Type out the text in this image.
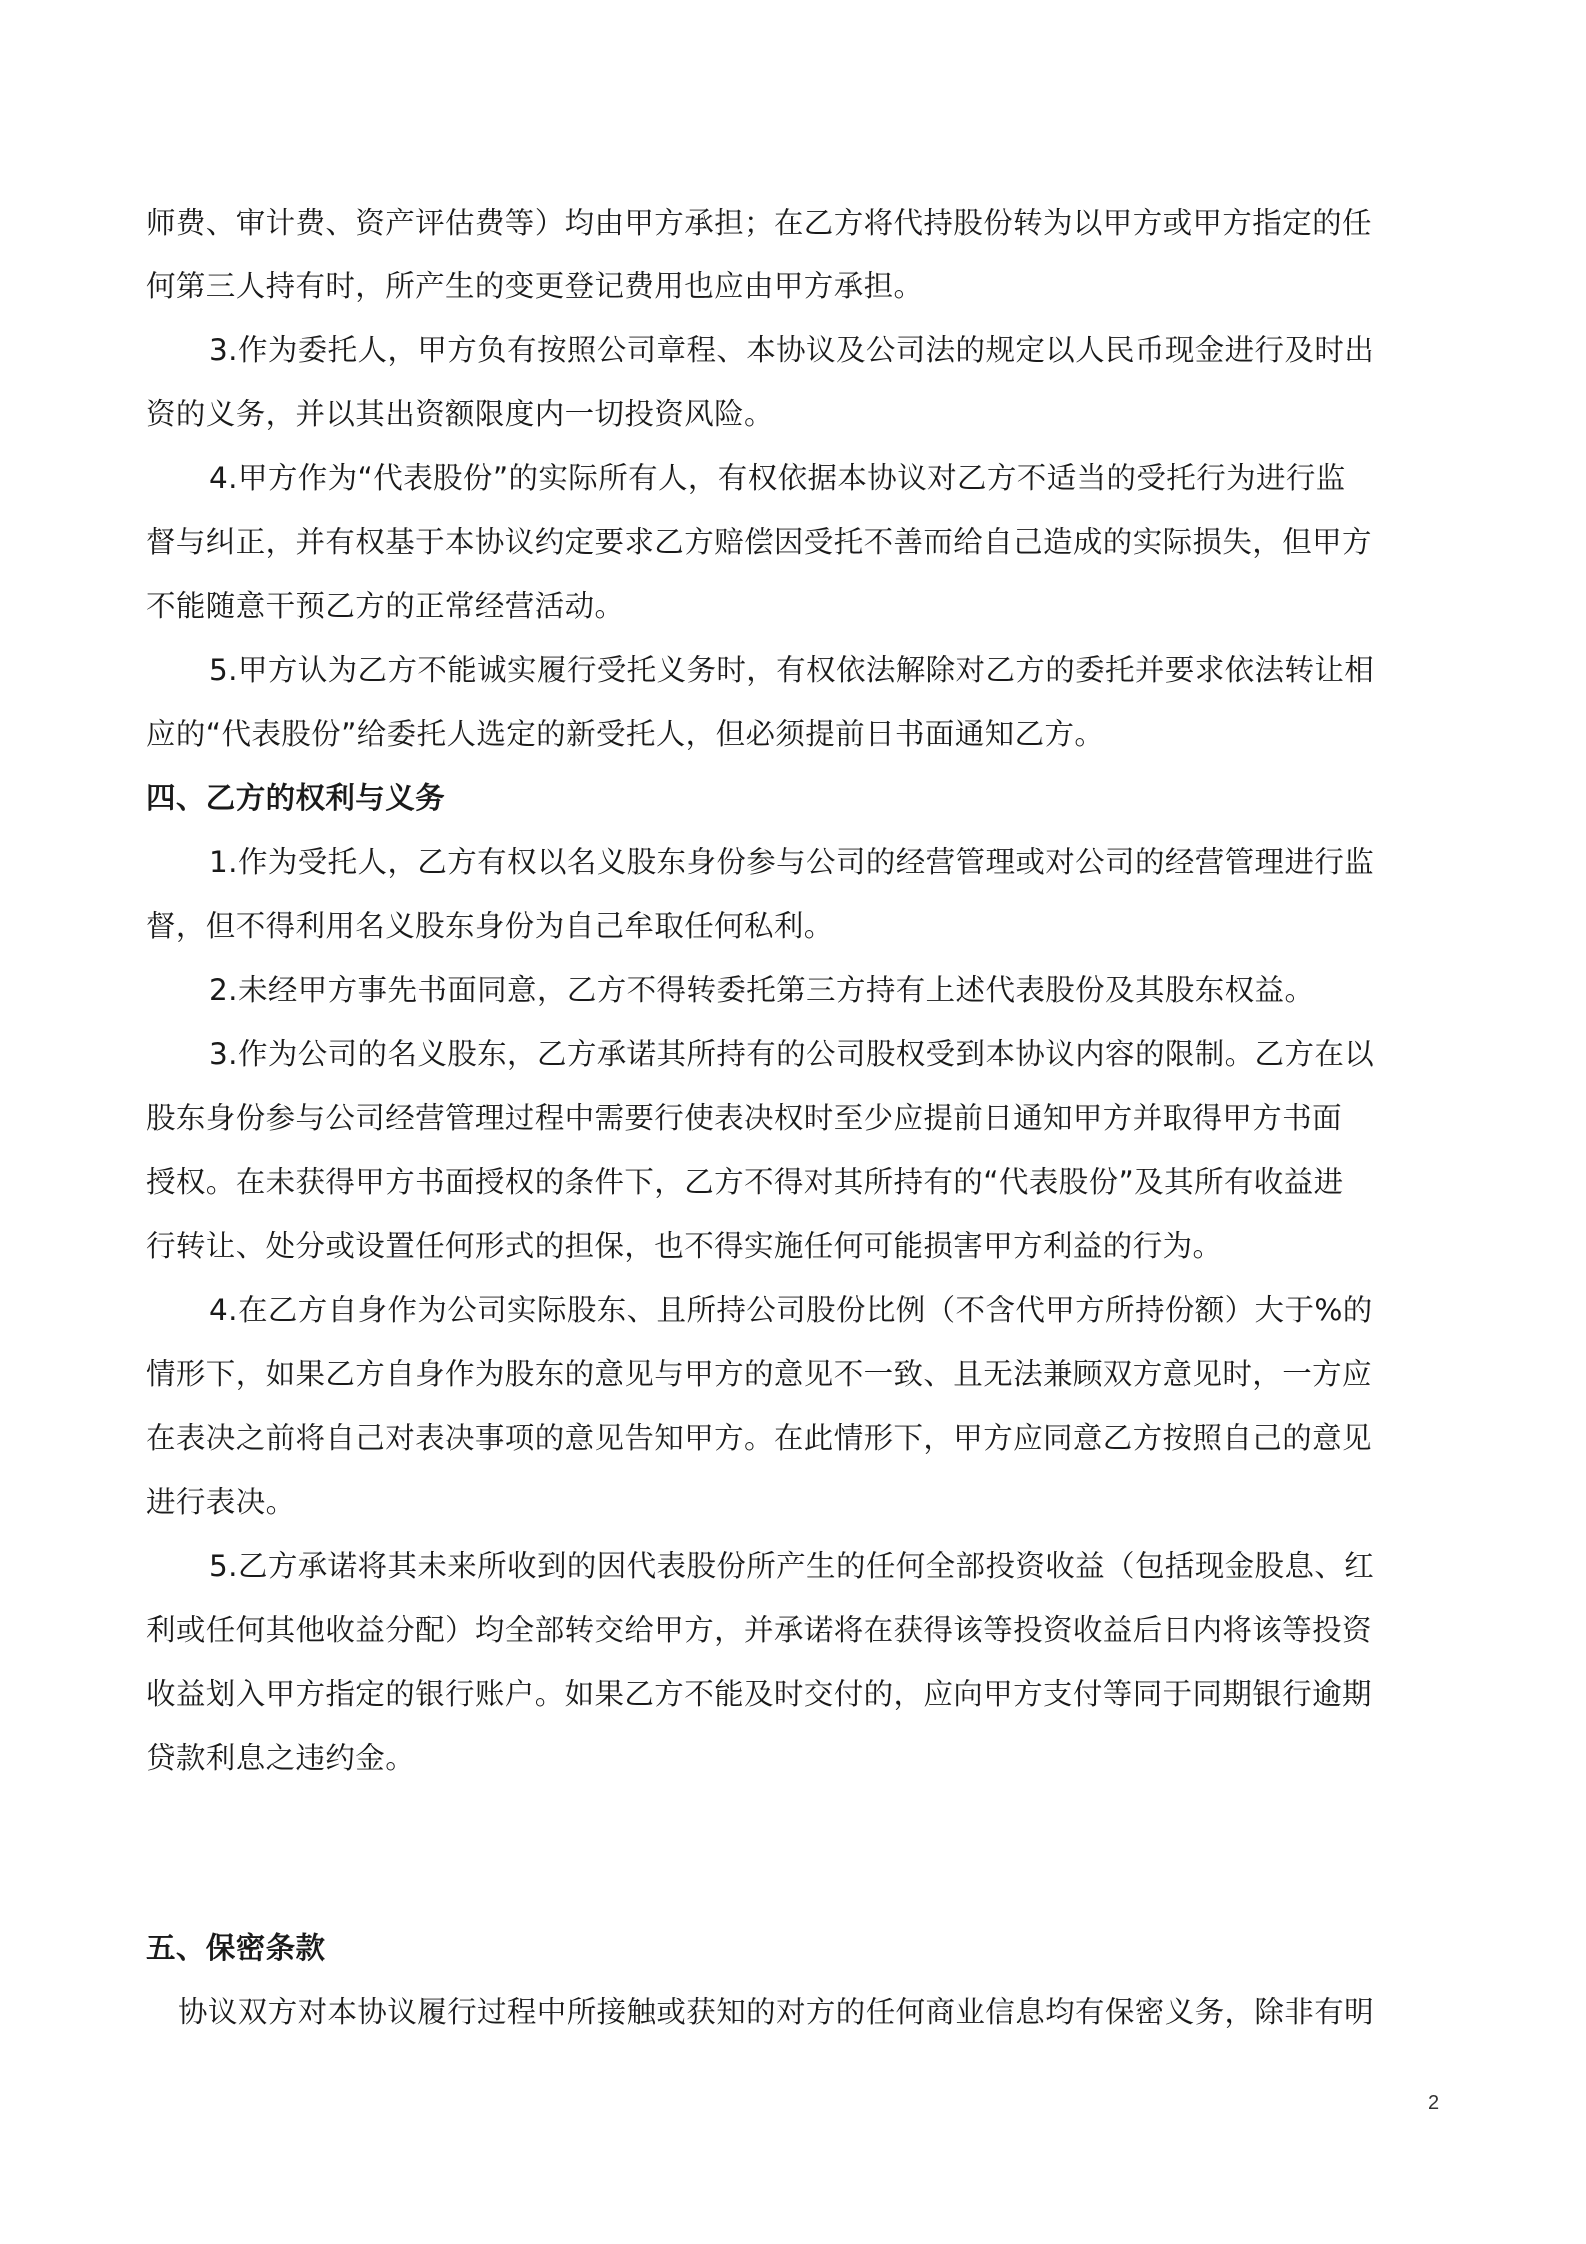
师费、审计费、资产评估费等）均由甲方承担；在乙方将代持股份转为以甲方或甲方指定的任
何第三人持有时，所产生的变更登记费用也应由甲方承担。
3.作为委托人，甲方负有按照公司章程、本协议及公司法的规定以人民币现金进行及时出
资的义务，并以其出资额限度内一切投资风险。
4.甲方作为“代表股份”的实际所有人，有权依据本协议对乙方不适当的受托行为进行监
督与纠正，并有权基于本协议约定要求乙方赔偿因受托不善而给自己造成的实际损失，但甲方
不能随意干预乙方的正常经营活动。
5.甲方认为乙方不能诚实履行受托义务时，有权依法解除对乙方的委托并要求依法转让相
应的“代表股份”给委托人选定的新受托人，但必须提前日书面通知乙方。
四、乙方的权利与义务
1.作为受托人，乙方有权以名义股东身份参与公司的经营管理或对公司的经营管理进行监
督，但不得利用名义股东身份为自己牟取任何私利。
2.未经甲方事先书面同意，乙方不得转委托第三方持有上述代表股份及其股东权益。
3.作为公司的名义股东，乙方承诺其所持有的公司股权受到本协议内容的限制。乙方在以
股东身份参与公司经营管理过程中需要行使表决权时至少应提前日通知甲方并取得甲方书面
授权。在未获得甲方书面授权的条件下，乙方不得对其所持有的“代表股份”及其所有收益进
行转让、处分或设置任何形式的担保，也不得实施任何可能损害甲方利益的行为。
4.在乙方自身作为公司实际股东、且所持公司股份比例（不含代甲方所持份额）大于%的
情形下，如果乙方自身作为股东的意见与甲方的意见不一致、且无法兼顾双方意见时，一方应
在表决之前将自己对表决事项的意见告知甲方。在此情形下，甲方应同意乙方按照自己的意见
进行表决。
5.乙方承诺将其未来所收到的因代表股份所产生的任何全部投资收益（包括现金股息、红
利或任何其他收益分配）均全部转交给甲方，并承诺将在获得该等投资收益后日内将该等投资
收益划入甲方指定的银行账户。如果乙方不能及时交付的，应向甲方支付等同于同期银行逾期
贷款利息之违约金。
五、保密条款
协议双方对本协议履行过程中所接触或获知的对方的任何商业信息均有保密义务，除非有明
2
